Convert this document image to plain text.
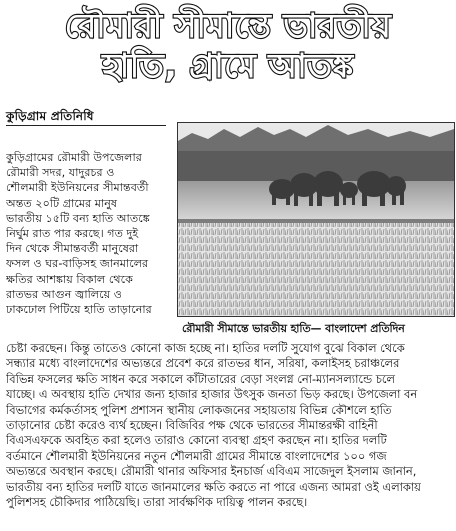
রৌমারী সীমান্তে ভারতীয়
হাতি, গ্রামে আতঙ্ক
কুড়িগ্রাম প্রতিনিধি
কুড়িগ্রামের রৌমারী উপজেলার
রৌমারী সদর, যাদুরচর ও
শৌলমারী ইউনিয়নের সীমান্তবর্তী
অন্তত ২০টি গ্রামের মানুষ
ভারতীয় ১৫টি বন্য হাতি আতঙ্কে
নির্ঘুম রাত পার করছে। গত দুই
দিন থেকে সীমান্তবর্তী মানুষেরা
ফসল ও ঘর-বাড়িসহ জানমালের
ক্ষতির আশঙ্কায় বিকাল থেকে
রাতভর আগুন জ্বালিয়ে ও
ঢাকঢোল পিটিয়ে হাতি তাড়ানোর
রৌমারী সীমান্তে ভারতীয় হাতি— বাংলাদেশ প্রতিদিন
চেষ্টা করছেন। কিন্তু তাতেও কোনো কাজ হচ্ছে না। হাতির দলটি সুযোগ বুঝে বিকাল থেকে
সন্ধ্যার মধ্যে বাংলাদেশের অভ্যন্তরে প্রবেশ করে রাতভর ধান, সরিষা, কলাইসহ চরাঞ্চলের
বিভিন্ন ফসলের ক্ষতি সাধন করে সকালে কাঁটাতারের বেড়া সংলগ্ন নো-ম্যানসল্যান্ডে চলে
যাচ্ছে। এ অবস্থায় হাতি দেখার জন্য হাজার হাজার উৎসুক জনতা ভিড় করছে। উপজেলা বন
বিভাগের কর্মকর্তাসহ পুলিশ প্রশাসন স্থানীয় লোকজনের সহায়তায় বিভিন্ন কৌশলে হাতি
তাড়ানোর চেষ্টা করেও ব্যর্থ হচ্ছেন। বিজিবির পক্ষ থেকে ভারতের সীমান্তরক্ষী বাহিনী
বিএসএফকে অবহিত করা হলেও তারাও কোনো ব্যবস্থা গ্রহণ করছেন না। হাতির দলটি
বর্তমানে শৌলমারী ইউনিয়নের নতুন শৌলমারী গ্রামের সীমান্তে বাংলাদেশের ১০০ গজ
অভ্যন্তরে অবস্থান করছে। রৌমারী থানার অফিসার ইনচার্জ এবিএম সাজেদুল ইসলাম জানান,
ভারতীয় বন্য হাতির দলটি যাতে জানমালের ক্ষতি করতে না পারে এজন্য আমরা ওই এলাকায়
পুলিশসহ চৌকিদার পাঠিয়েছি। তারা সার্বক্ষণিক দায়িত্ব পালন করছে।
